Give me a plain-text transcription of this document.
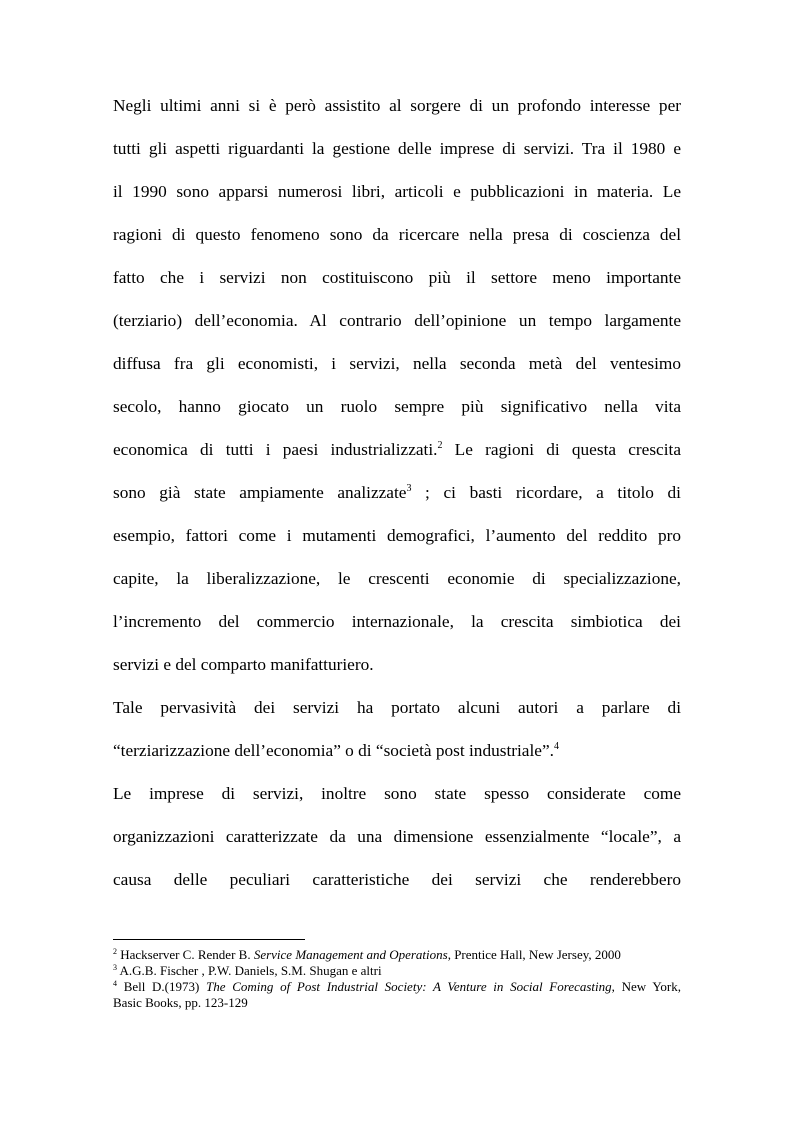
Negli ultimi anni si è però assistito al sorgere di un profondo interesse per
tutti gli aspetti riguardanti la gestione delle imprese di servizi. Tra il 1980 e
il 1990 sono apparsi numerosi libri, articoli e pubblicazioni in materia. Le
ragioni di questo fenomeno sono da ricercare nella presa di coscienza del
fatto che i servizi non costituiscono più il settore meno importante
(terziario) dell’economia. Al contrario dell’opinione un tempo largamente
diffusa fra gli economisti, i servizi, nella seconda metà del ventesimo
secolo, hanno giocato un ruolo sempre più significativo nella vita
economica di tutti i paesi industrializzati.$^2$ Le ragioni di questa crescita
sono già state ampiamente analizzate$^3$ ; ci basti ricordare, a titolo di
esempio, fattori come i mutamenti demografici, l’aumento del reddito pro
capite, la liberalizzazione, le crescenti economie di specializzazione,
l’incremento del commercio internazionale, la crescita simbiotica dei
servizi e del comparto manifatturiero.
Tale pervasività dei servizi ha portato alcuni autori a parlare di
“terziarizzazione dell’economia” o di “società post industriale”.$^4$
Le imprese di servizi, inoltre sono state spesso considerate come
organizzazioni caratterizzate da una dimensione essenzialmente “locale”, a
causa delle peculiari caratteristiche dei servizi che renderebbero
$^2$ Hackserver C. Render B. Service Management and Operations, Prentice Hall, New Jersey, 2000
$^3$ A.G.B. Fischer , P.W. Daniels, S.M. Shugan e altri
$^4$ Bell D.(1973) The Coming of Post Industrial Society: A Venture in Social Forecasting, New York,
Basic Books, pp. 123-129
